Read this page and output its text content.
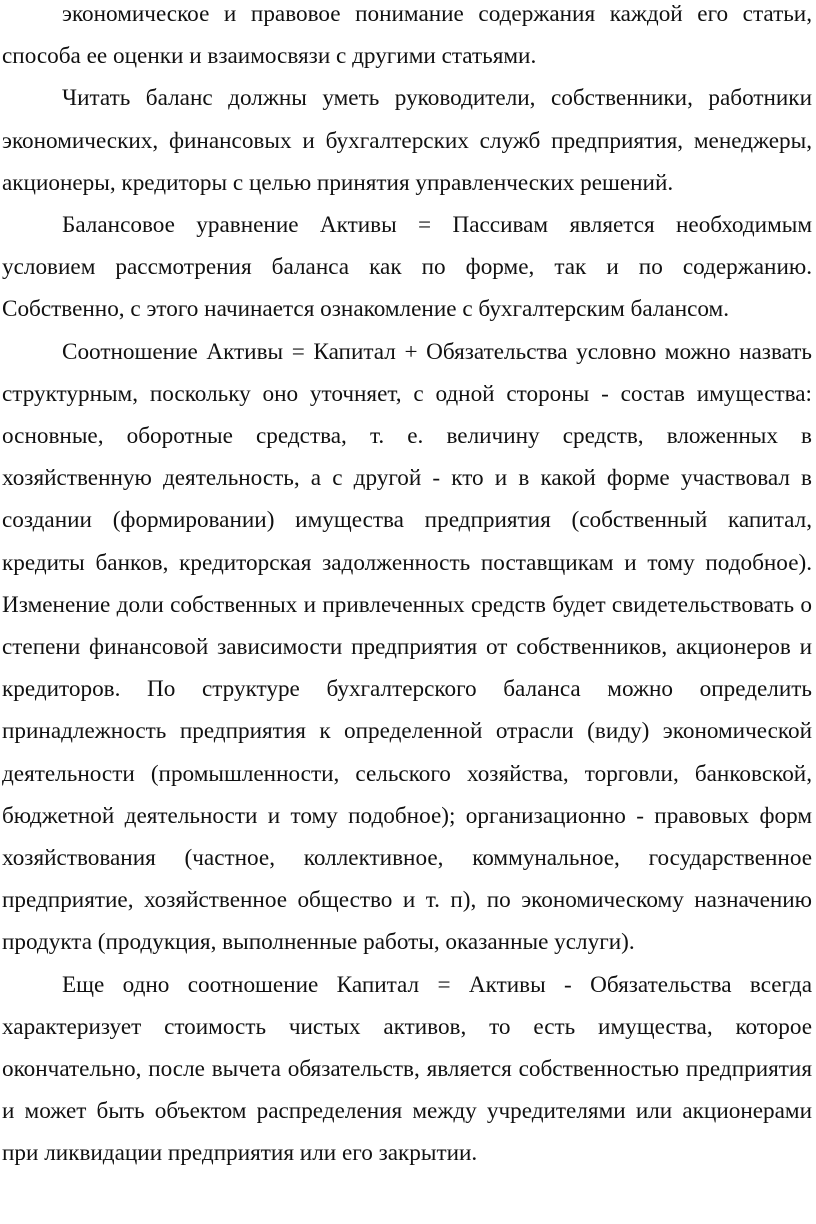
экономическое и правовое понимание содержания каждой его статьи, способа ее оценки и взаимосвязи с другими статьями.

Читать баланс должны уметь руководители, собственники, работники экономических, финансовых и бухгалтерских служб предприятия, менеджеры, акционеры, кредиторы с целью принятия управленческих решений.

Балансовое уравнение Активы = Пассивам является необходимым условием рассмотрения баланса как по форме, так и по содержанию. Собственно, с этого начинается ознакомление с бухгалтерским балансом.

Соотношение Активы = Капитал + Обязательства условно можно назвать структурным, поскольку оно уточняет, с одной стороны - состав имущества: основные, оборотные средства, т. е. величину средств, вложенных в хозяйственную деятельность, а с другой - кто и в какой форме участвовал в создании (формировании) имущества предприятия (собственный капитал, кредиты банков, кредиторская задолженность поставщикам и тому подобное). Изменение доли собственных и привлеченных средств будет свидетельствовать о степени финансовой зависимости предприятия от собственников, акционеров и кредиторов. По структуре бухгалтерского баланса можно определить принадлежность предприятия к определенной отрасли (виду) экономической деятельности (промышленности, сельского хозяйства, торговли, банковской, бюджетной деятельности и тому подобное); организационно - правовых форм хозяйствования (частное, коллективное, коммунальное, государственное предприятие, хозяйственное общество и т. п), по экономическому назначению продукта (продукция, выполненные работы, оказанные услуги).

Еще одно соотношение Капитал = Активы - Обязательства всегда характеризует стоимость чистых активов, то есть имущества, которое окончательно, после вычета обязательств, является собственностью предприятия и может быть объектом распределения между учредителями или акционерами при ликвидации предприятия или его закрытии.
